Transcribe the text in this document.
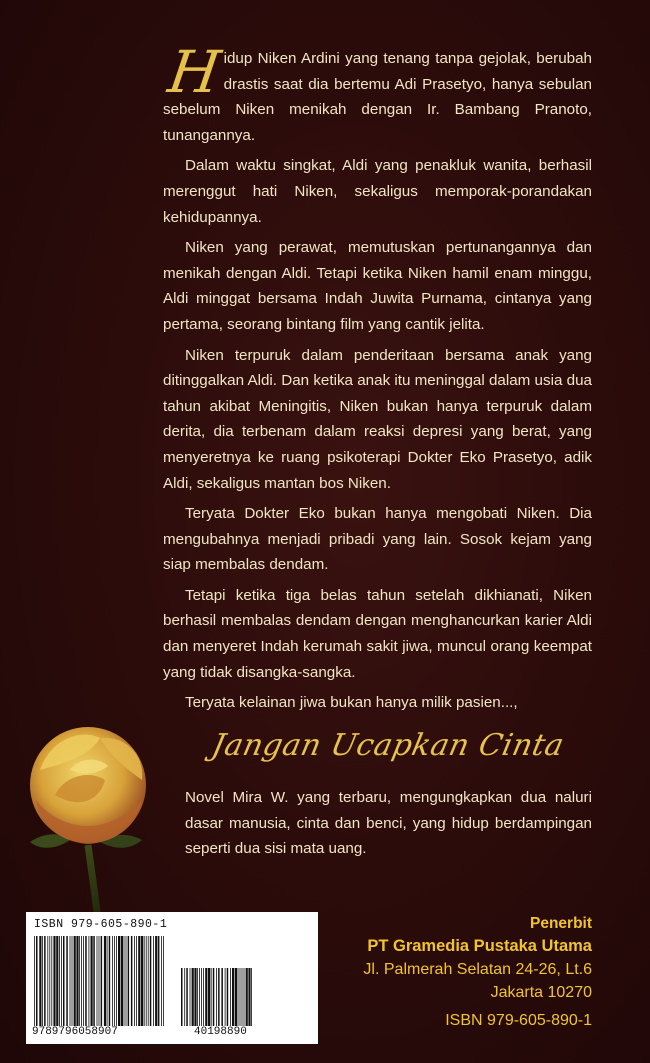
Hidup Niken Ardini yang tenang tanpa gejolak, berubah drastis saat dia bertemu Adi Prasetyo, hanya sebulan sebelum Niken menikah dengan Ir. Bambang Pranoto, tunangannya.

Dalam waktu singkat, Aldi yang penakluk wanita, berhasil merenggut hati Niken, sekaligus memporak-porandakan kehidupannya.

Niken yang perawat, memutuskan pertunangannya dan menikah dengan Aldi. Tetapi ketika Niken hamil enam minggu, Aldi minggat bersama Indah Juwita Purnama, cintanya yang pertama, seorang bintang film yang cantik jelita.

Niken terpuruk dalam penderitaan bersama anak yang ditinggalkan Aldi. Dan ketika anak itu meninggal dalam usia dua tahun akibat Meningitis, Niken bukan hanya terpuruk dalam derita, dia terbenam dalam reaksi depresi yang berat, yang menyeretnya ke ruang psikoterapi Dokter Eko Prasetyo, adik Aldi, sekaligus mantan bos Niken.

Teryata Dokter Eko bukan hanya mengobati Niken. Dia mengubahnya menjadi pribadi yang lain. Sosok kejam yang siap membalas dendam.

Tetapi ketika tiga belas tahun setelah dikhianati, Niken berhasil membalas dendam dengan menghancurkan karier Aldi dan menyeret Indah kerumah sakit jiwa, muncul orang keempat yang tidak disangka-sangka.

Teryata kelainan jiwa bukan hanya milik pasien...,

Jangan Ucapkan Cinta

Novel Mira W. yang terbaru, mengungkapkan dua naluri dasar manusia, cinta dan benci, yang hidup berdampingan seperti dua sisi mata uang.

ISBN 979-605-890-1
9789796058907	40198890
Penerbit
PT Gramedia Pustaka Utama
Jl. Palmerah Selatan 24-26, Lt.6
Jakarta 10270
ISBN 979-605-890-1
